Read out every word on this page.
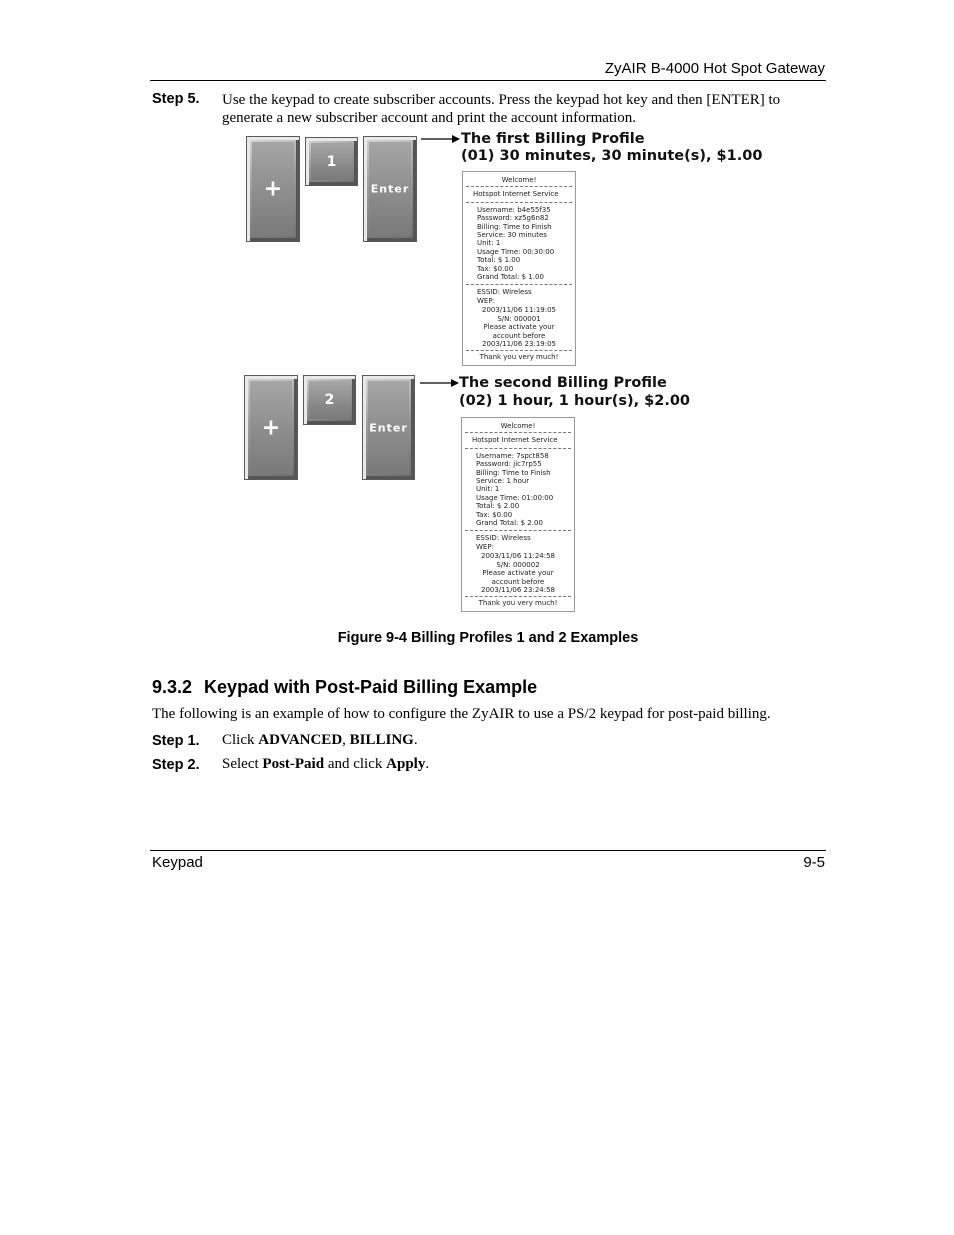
ZyAIR B-4000 Hot Spot Gateway
Step 5. Use the keypad to create subscriber accounts. Press the keypad hot key and then [ENTER] to
generate a new subscriber account and print the account information.
+
1
Enter
The first Billing Profile
(01) 30 minutes, 30 minute(s), $1.00
Welcome!
Hotspot Internet Service
Username: b4e55f35
Password: xz5g6n82
Billing: Time to Finish
Service: 30 minutes
Unit: 1
Usage Time: 00:30:00
Total: $ 1.00
Tax: $0.00
Grand Total: $ 1.00
ESSID: Wireless
WEP:
2003/11/06 11:19:05
S/N: 000001
Please activate your
account before
2003/11/06 23:19:05
Thank you very much!
+
2
Enter
The second Billing Profile
(02) 1 hour, 1 hour(s), $2.00
Welcome!
Hotspot Internet Service
Username: 7spct858
Password: jic7rp55
Billing: Time to Finish
Service: 1 hour
Unit: 1
Usage Time: 01:00:00
Total: $ 2.00
Tax: $0.00
Grand Total: $ 2.00
ESSID: Wireless
WEP:
2003/11/06 11:24:58
S/N: 000002
Please activate your
account before
2003/11/06 23:24:58
Thank you very much!
Figure 9-4 Billing Profiles 1 and 2 Examples
9.3.2 Keypad with Post-Paid Billing Example
The following is an example of how to configure the ZyAIR to use a PS/2 keypad for post-paid billing.
Step 1. Click ADVANCED, BILLING.
Step 2. Select Post-Paid and click Apply.
Keypad	9-5
